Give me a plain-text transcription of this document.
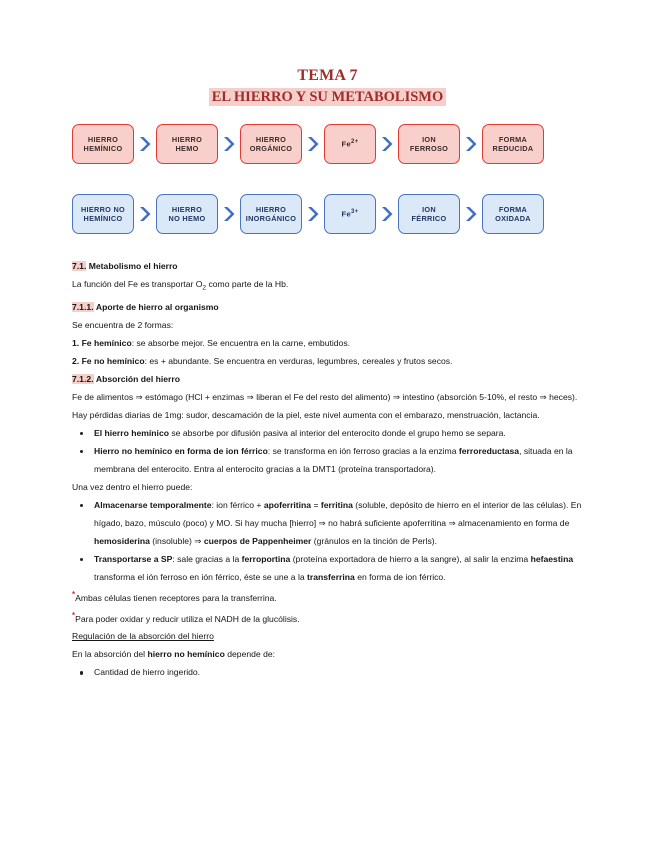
TEMA 7
EL HIERRO Y SU METABOLISMO
HIERRO
HEMÍNICO
HIERRO
HEMO
HIERRO
ORGÁNICO	$Fe^{2+}$	ION
FERROSO
FORMA
REDUCIDA
HIERRO NO
HEMÍNICO
HIERRO
NO HEMO
HIERRO
INORGÁNICO	$Fe^{3+}$	ION
FÉRRICO
FORMA
OXIDADA

7.1. Metabolismo el hierro

La función del Fe es transportar $O_2$ como parte de la Hb.

7.1.1. Aporte de hierro al organismo

Se encuentra de 2 formas:

1. Fe hemínico: se absorbe mejor. Se encuentra en la carne, embutidos.

2. Fe no hemínico: es + abundante. Se encuentra en verduras, legumbres, cereales y frutos secos.

7.1.2. Absorción del hierro

Fe de alimentos ⇒ estómago (HCl + enzimas ⇒ liberan el Fe del resto del alimento) ⇒ intestino (absorción 5-10%, el resto ⇒ heces). Hay pérdidas diarias de 1mg: sudor, descamación de la piel, este nivel aumenta con el embarazo, menstruación, lactancia.

El hierro hemínico se absorbe por difusión pasiva al interior del enterocito donde el grupo hemo se separa.
Hierro no hemínico en forma de ion férrico: se transforma en ión ferroso gracias a la enzima ferroreductasa, situada en la membrana del enterocito. Entra al enterocito gracias a la DMT1 (proteína transportadora).

Una vez dentro el hierro puede:

Almacenarse temporalmente: ion férrico + apoferritina = ferritina (soluble, depósito de hierro en el interior de las células). En hígado, bazo, músculo (poco) y MO. Si hay mucha [hierro] ⇒ no habrá suficiente apoferritina ⇒ almacenamiento en forma de hemosiderina (insoluble) ⇒ cuerpos de Pappenheimer (gránulos en la tinción de Perls).
Transportarse a SP: sale gracias a la ferroportina (proteína exportadora de hierro a la sangre), al salir la enzima hefaestina transforma el ión ferroso en ión férrico, éste se une a la transferrina en forma de ion férrico.

*Ambas células tienen receptores para la transferrina.

*Para poder oxidar y reducir utiliza el NADH de la glucólisis.

Regulación de la absorción del hierro

En la absorción del hierro no hemínico depende de:

Cantidad de hierro ingerido.
